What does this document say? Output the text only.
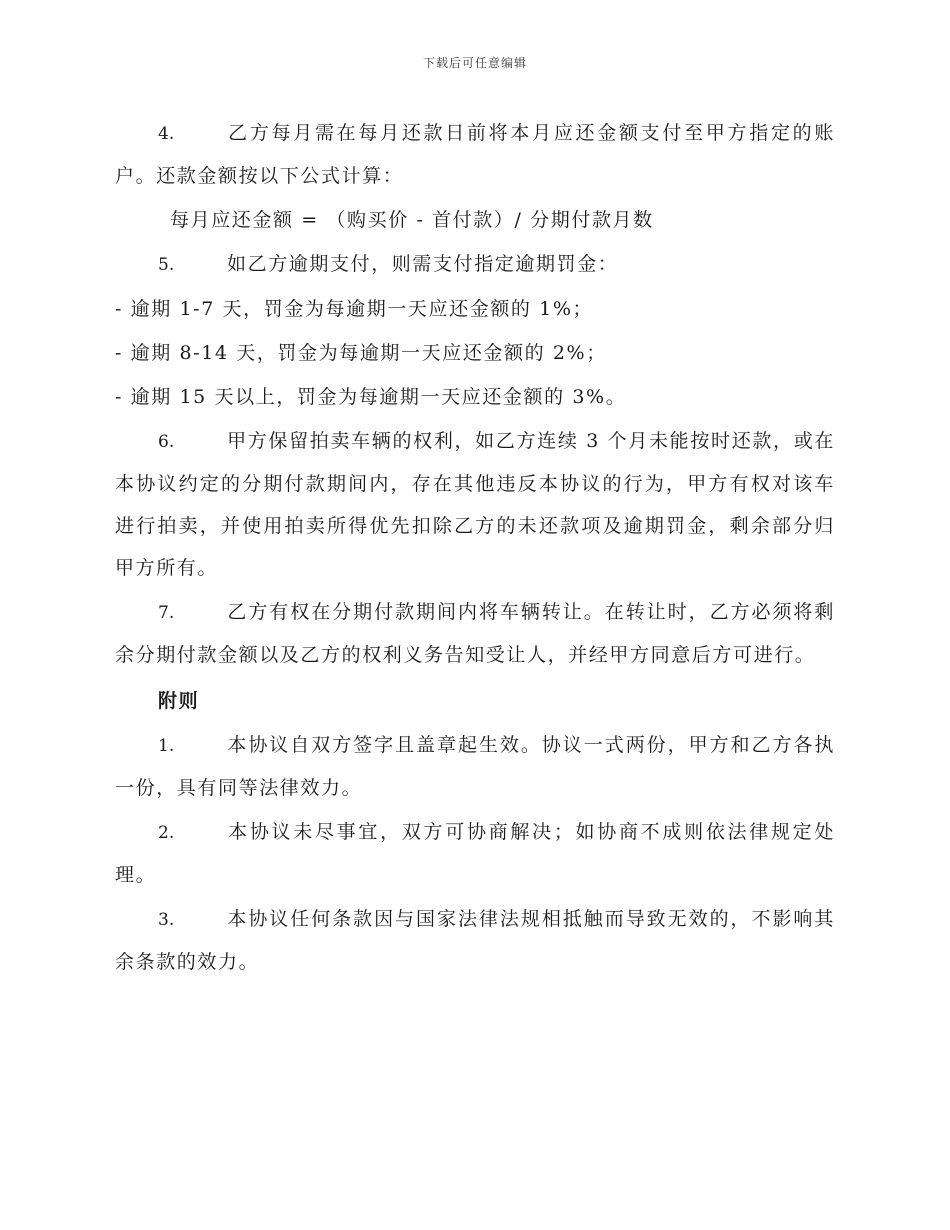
下载后可任意编辑

4.	乙方每月需在每月还款日前将本月应还金额支付至甲方指定的账户。还款金额按以下公式计算：

每月应还金额 = （购买价 - 首付款）/ 分期付款月数

5.	如乙方逾期支付，则需支付指定逾期罚金：

- 逾期 1-7 天，罚金为每逾期一天应还金额的 1%；

- 逾期 8-14 天，罚金为每逾期一天应还金额的 2%；

- 逾期 15 天以上，罚金为每逾期一天应还金额的 3%。

6.	甲方保留拍卖车辆的权利，如乙方连续 3 个月未能按时还款，或在本协议约定的分期付款期间内，存在其他违反本协议的行为，甲方有权对该车进行拍卖，并使用拍卖所得优先扣除乙方的未还款项及逾期罚金，剩余部分归甲方所有。

7.	乙方有权在分期付款期间内将车辆转让。在转让时，乙方必须将剩余分期付款金额以及乙方的权利义务告知受让人，并经甲方同意后方可进行。

附则

1.	本协议自双方签字且盖章起生效。协议一式两份，甲方和乙方各执一份，具有同等法律效力。

2.	本协议未尽事宜，双方可协商解决；如协商不成则依法律规定处理。

3.	本协议任何条款因与国家法律法规相抵触而导致无效的，不影响其余条款的效力。
